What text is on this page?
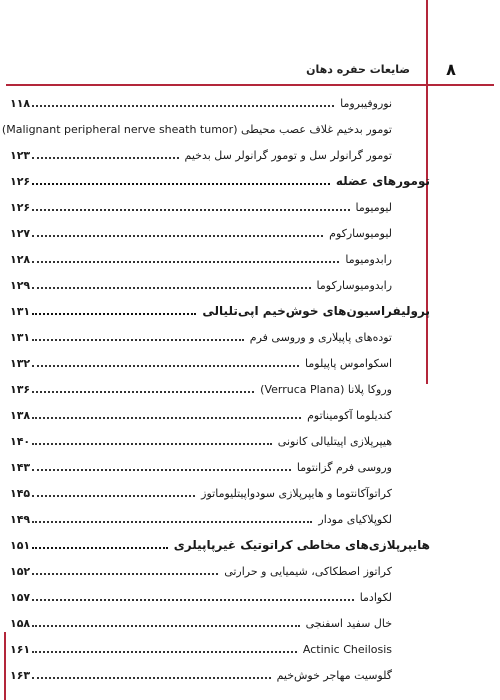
۸
ضایعات حفره دهان
نوروفیبروما
۱۱۸
تومور بدخیم غلاف عصب محیطی (Malignant peripheral nerve sheath tumor)
تومور گرانولر سل و تومور گرانولر سل بدخیم
۱۲۳
تومورهای عضله
۱۲۶
لیومیوما
۱۲۶
لیومیوسارکوم
۱۲۷
رابدومیوما
۱۲۸
رابدومیوسارکوما
۱۲۹
پرولیفراسیون‌های خوش‌خیم اپی‌تلیالی
۱۳۱
توده‌های پاپیلاری و وروسی فرم
۱۳۱
اسکواموس پاپیلوما
۱۳۲
وروکا پلانا (Verruca Plana)
۱۳۶
کندیلوما آکومیناتوم
۱۳۸
هیپرپلازی اپیتلیالی کانونی
۱۴۰
وروسی فرم گزانتوما
۱۴۳
کراتوآکانتوما و هایپرپلازی سودواپیتلیوماتوز
۱۴۵
لکوپلاکیای مودار
۱۴۹
هایپرپلازی‌های مخاطی کراتوتیک غیرپاپیلری
۱۵۱
کراتوز اصطکاکی، شیمیایی و حرارتی
۱۵۲
لکوادما
۱۵۷
خال سفید اسفنجی
۱۵۸
Actinic Cheilosis
۱۶۱
گلوسیت مهاجر خوش‌خیم
۱۶۳
